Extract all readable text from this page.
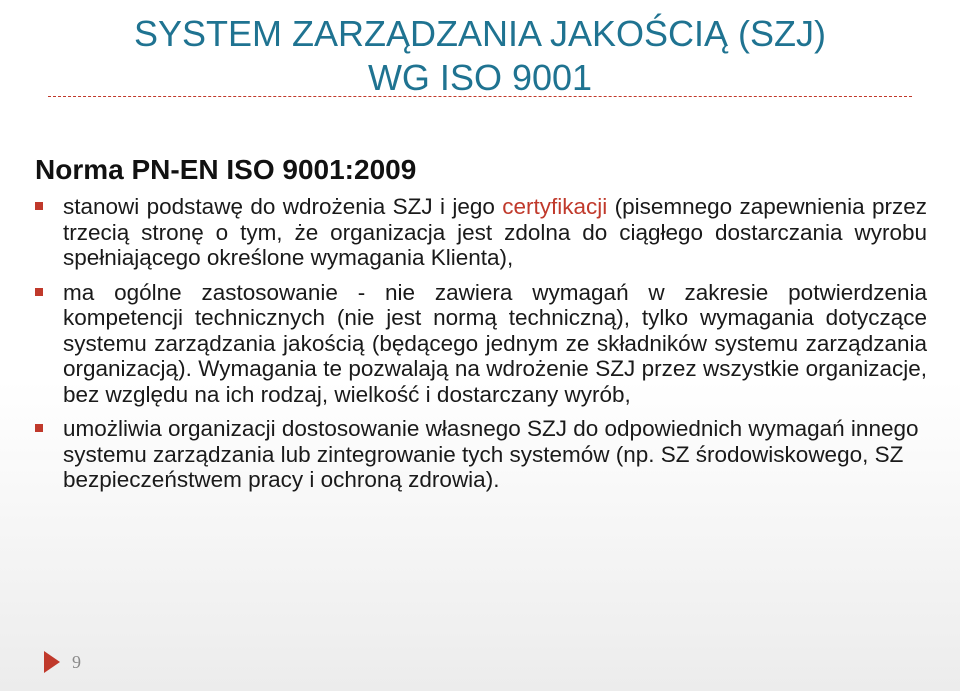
SYSTEM ZARZĄDZANIA JAKOŚCIĄ (SZJ)
WG ISO 9001
Norma PN-EN ISO 9001:2009
stanowi podstawę do wdrożenia SZJ i jego certyfikacji (pisemnego zapewnienia przez trzecią stronę o tym, że organizacja jest zdolna do ciągłego dostarczania wyrobu spełniającego określone wymagania Klienta),
ma ogólne zastosowanie - nie zawiera wymagań w zakresie potwierdzenia kompetencji technicznych (nie jest normą techniczną), tylko wymagania dotyczące systemu zarządzania jakością (będącego jednym ze składników systemu zarządzania organizacją). Wymagania te pozwalają na wdrożenie SZJ przez wszystkie organizacje, bez względu na ich rodzaj, wielkość i dostarczany wyrób,
umożliwia organizacji dostosowanie własnego SZJ do odpowiednich wymagań innego systemu zarządzania lub zintegrowanie tych systemów (np. SZ środowiskowego, SZ bezpieczeństwem pracy i ochroną zdrowia).
9
